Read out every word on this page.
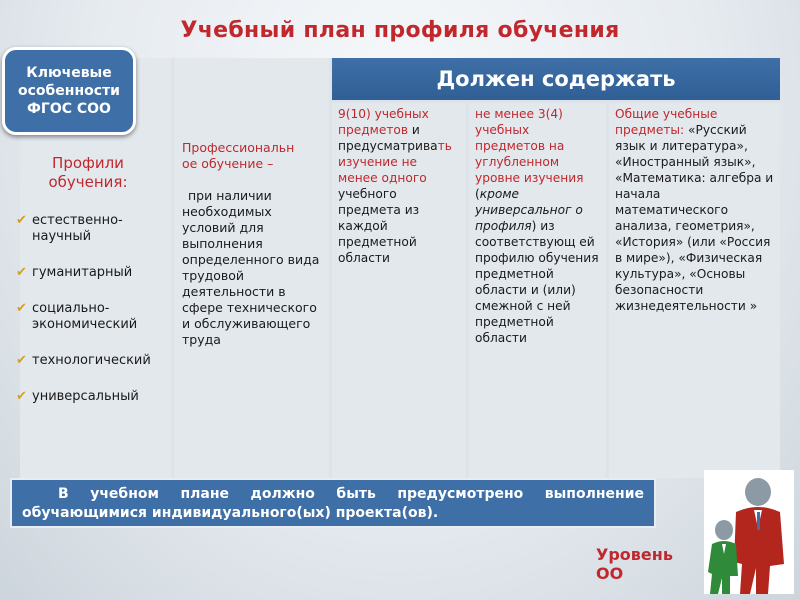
Учебный план профиля обучения
Должен содержать
9(10) учебных предметов и предусматривать изучение не менее одного учебного предмета из каждой предметной области
не менее 3(4) учебных предметов на углубленном уровне изучения (кроме универсальног о профиля) из соответствующ ей профилю обучения предметной области и (или) смежной с ней предметной области
Общие учебные предметы: «Русский язык и литература», «Иностранный язык», «Математика: алгебра и начала математического анализа, геометрия», «История» (или «Россия в мире»), «Физическая культура», «Основы безопасности жизнедеятельности »
Профессиональн
ое обучение –
при наличии необходимых условий для выполнения определенного вида трудовой деятельности в сфере технического и обслуживающего труда
Ключевые
особенности
ФГОС СОО
Профили
обучения:
✔ естественно-
научный
✔ гуманитарный
✔ социально-
экономический
✔ технологический
✔ универсальный
В учебном плане должно быть предусмотрено выполнение обучающимися индивидуального(ых) проекта(ов).
Уровень
ОО
